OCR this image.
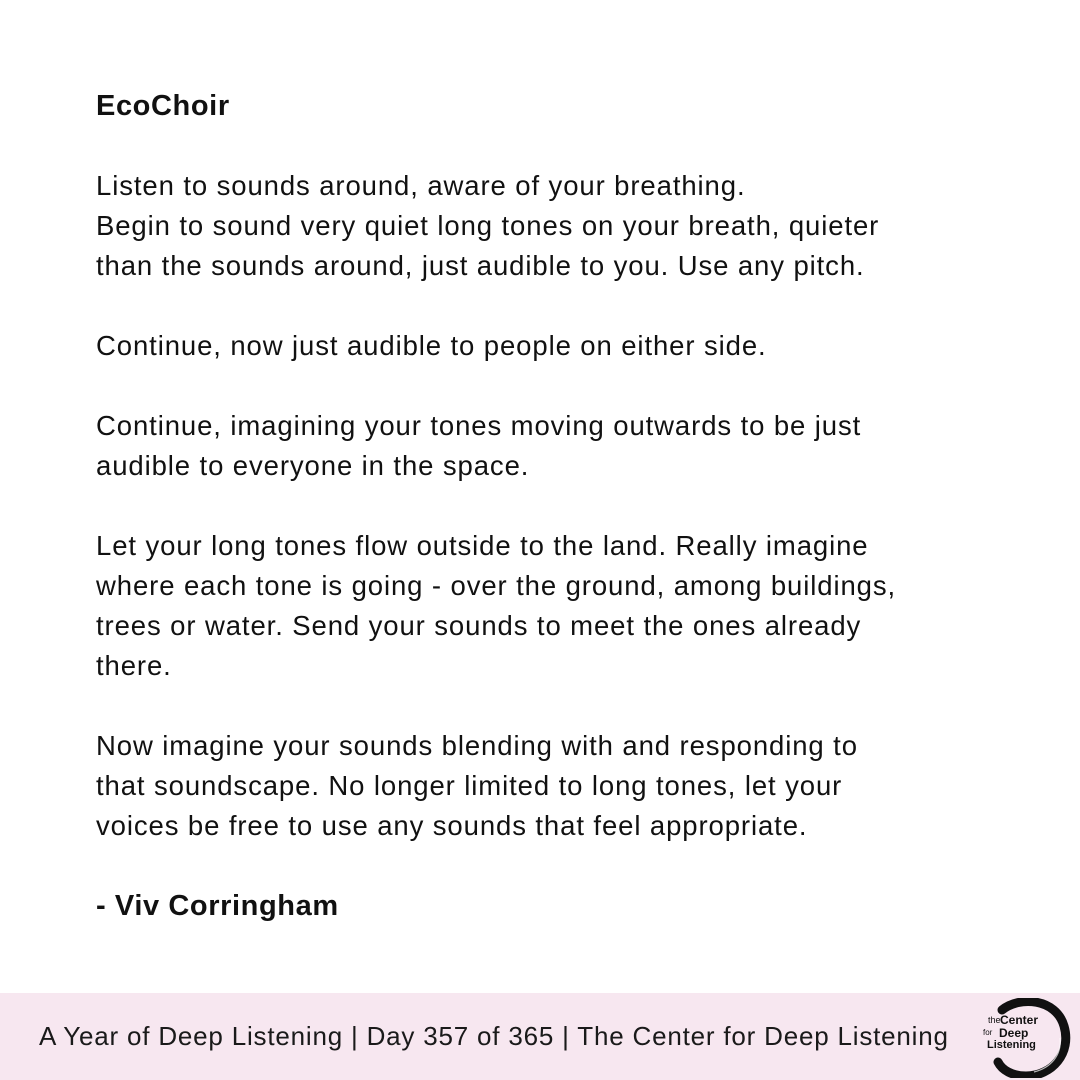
EcoChoir
Listen to sounds around, aware of your breathing.
Begin to sound very quiet long tones on your breath, quieter
than the sounds around, just audible to you. Use any pitch.
Continue, now just audible to people on either side.
Continue, imagining your tones moving outwards to be just
audible to everyone in the space.
Let your long tones flow outside to the land. Really imagine
where each tone is going - over the ground, among buildings,
trees or water. Send your sounds to meet the ones already
there.
Now imagine your sounds blending with and responding to
that soundscape. No longer limited to long tones, let your
voices be free to use any sounds that feel appropriate.
- Viv Corringham
A Year of Deep Listening | Day 357 of 365 | The Center for Deep Listening
the Center
for Deep
Listening
